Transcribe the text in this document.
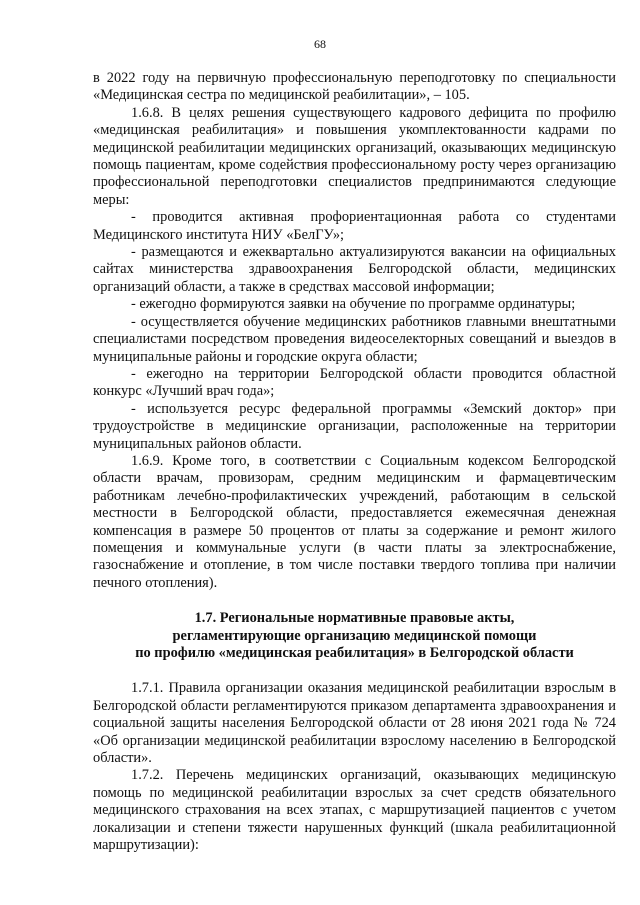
68

в 2022 году на первичную профессиональную переподготовку по специальности «Медицинская сестра по медицинской реабилитации», – 105.

1.6.8. В целях решения существующего кадрового дефицита по профилю «медицинская реабилитация» и повышения укомплектованности кадрами по медицинской реабилитации медицинских организаций, оказывающих медицинскую помощь пациентам, кроме содействия профессиональному росту через организацию профессиональной переподготовки специалистов предпринимаются следующие меры:

- проводится активная профориентационная работа со студентами Медицинского института НИУ «БелГУ»;

- размещаются и ежеквартально актуализируются вакансии на официальных сайтах министерства здравоохранения Белгородской области, медицинских организаций области, а также в средствах массовой информации;

- ежегодно формируются заявки на обучение по программе ординатуры;

- осуществляется обучение медицинских работников главными внештатными специалистами посредством проведения видеоселекторных совещаний и выездов в муниципальные районы и городские округа области;

- ежегодно на территории Белгородской области проводится областной конкурс «Лучший врач года»;

- используется ресурс федеральной программы «Земский доктор» при трудоустройстве в медицинские организации, расположенные на территории муниципальных районов области.

1.6.9. Кроме того, в соответствии с Социальным кодексом Белгородской области врачам, провизорам, средним медицинским и фармацевтическим работникам лечебно-профилактических учреждений, работающим в сельской местности в Белгородской области, предоставляется ежемесячная денежная компенсация в размере 50 процентов от платы за содержание и ремонт жилого помещения и коммунальные услуги (в части платы за электроснабжение, газоснабжение и отопление, в том числе поставки твердого топлива при наличии печного отопления).

1.7. Региональные нормативные правовые акты,
регламентирующие организацию медицинской помощи
по профилю «медицинская реабилитация» в Белгородской области

1.7.1. Правила организации оказания медицинской реабилитации взрослым в Белгородской области регламентируются приказом департамента здравоохранения и социальной защиты населения Белгородской области от 28 июня 2021 года № 724 «Об организации медицинской реабилитации взрослому населению в Белгородской области».

1.7.2. Перечень медицинских организаций, оказывающих медицинскую помощь по медицинской реабилитации взрослых за счет средств обязательного медицинского страхования на всех этапах, с маршрутизацией пациентов с учетом локализации и степени тяжести нарушенных функций (шкала реабилитационной маршрутизации):
